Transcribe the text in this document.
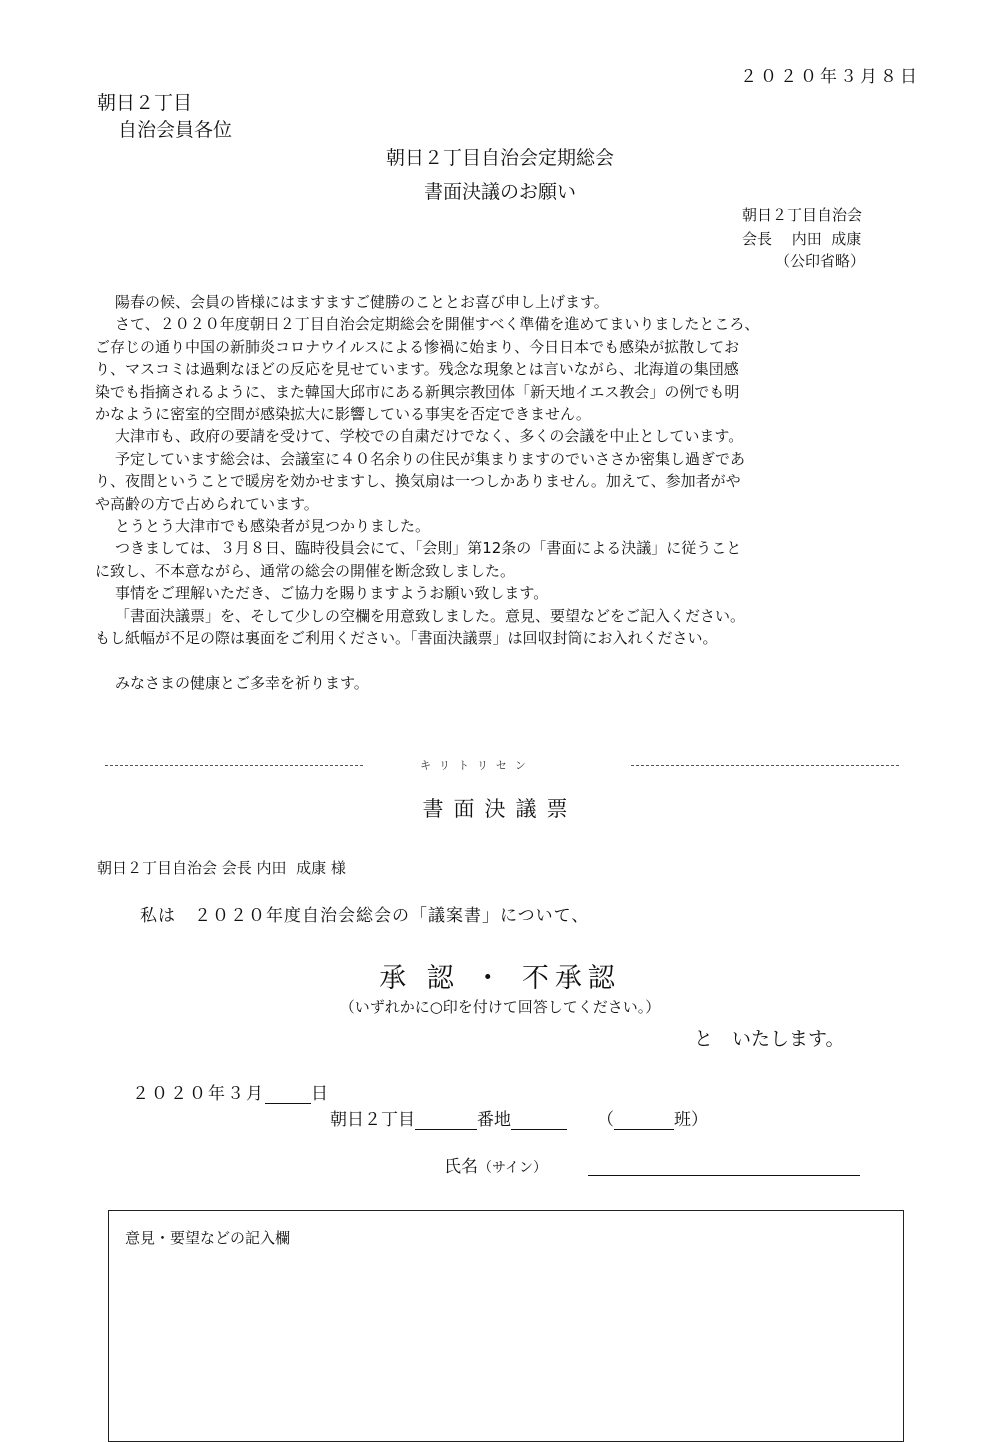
２０２０年３月８日
朝日２丁目
自治会員各位
朝日２丁目自治会定期総会
書面決議のお願い
朝日２丁目自治会
会長　 内田  成康
（公印省略）

陽春の候、会員の皆様にはますますご健勝のこととお喜び申し上げます。

さて、２０２０年度朝日２丁目自治会定期総会を開催すべく準備を進めてまいりましたところ、

ご存じの通り中国の新肺炎コロナウイルスによる惨禍に始まり、今日日本でも感染が拡散してお

り、マスコミは過剰なほどの反応を見せています。残念な現象とは言いながら、北海道の集団感

染でも指摘されるように、また韓国大邱市にある新興宗教団体「新天地イエス教会」の例でも明

かなように密室的空間が感染拡大に影響している事実を否定できません。

大津市も、政府の要請を受けて、学校での自粛だけでなく、多くの会議を中止としています。

予定しています総会は、会議室に４０名余りの住民が集まりますのでいささか密集し過ぎであ

り、夜間ということで暖房を効かせますし、換気扇は一つしかありません。加えて、参加者がや

や高齢の方で占められています。

とうとう大津市でも感染者が見つかりました。

つきましては、３月８日、臨時役員会にて、「会則」第12条の「書面による決議」に従うこと

に致し、不本意ながら、通常の総会の開催を断念致しました。

事情をご理解いただき、ご協力を賜りますようお願い致します。

「書面決議票」を、そして少しの空欄を用意致しました。意見、要望などをご記入ください。

もし紙幅が不足の際は裏面をご利用ください。「書面決議票」は回収封筒にお入れください。

みなさまの健康とご多幸を祈ります。

キリトリセン
書面決議票
朝日２丁目自治会 会長 内田  成康 様
私は　２０２０年度自治会総会の「議案書」について、
承 認 ・ 不承認
（いずれかに○印を付けて回答してください。）
と　いたします。
２０２０年３月	日
朝日２丁目	番地	（	班）
氏名（サイン）
意見・要望などの記入欄
